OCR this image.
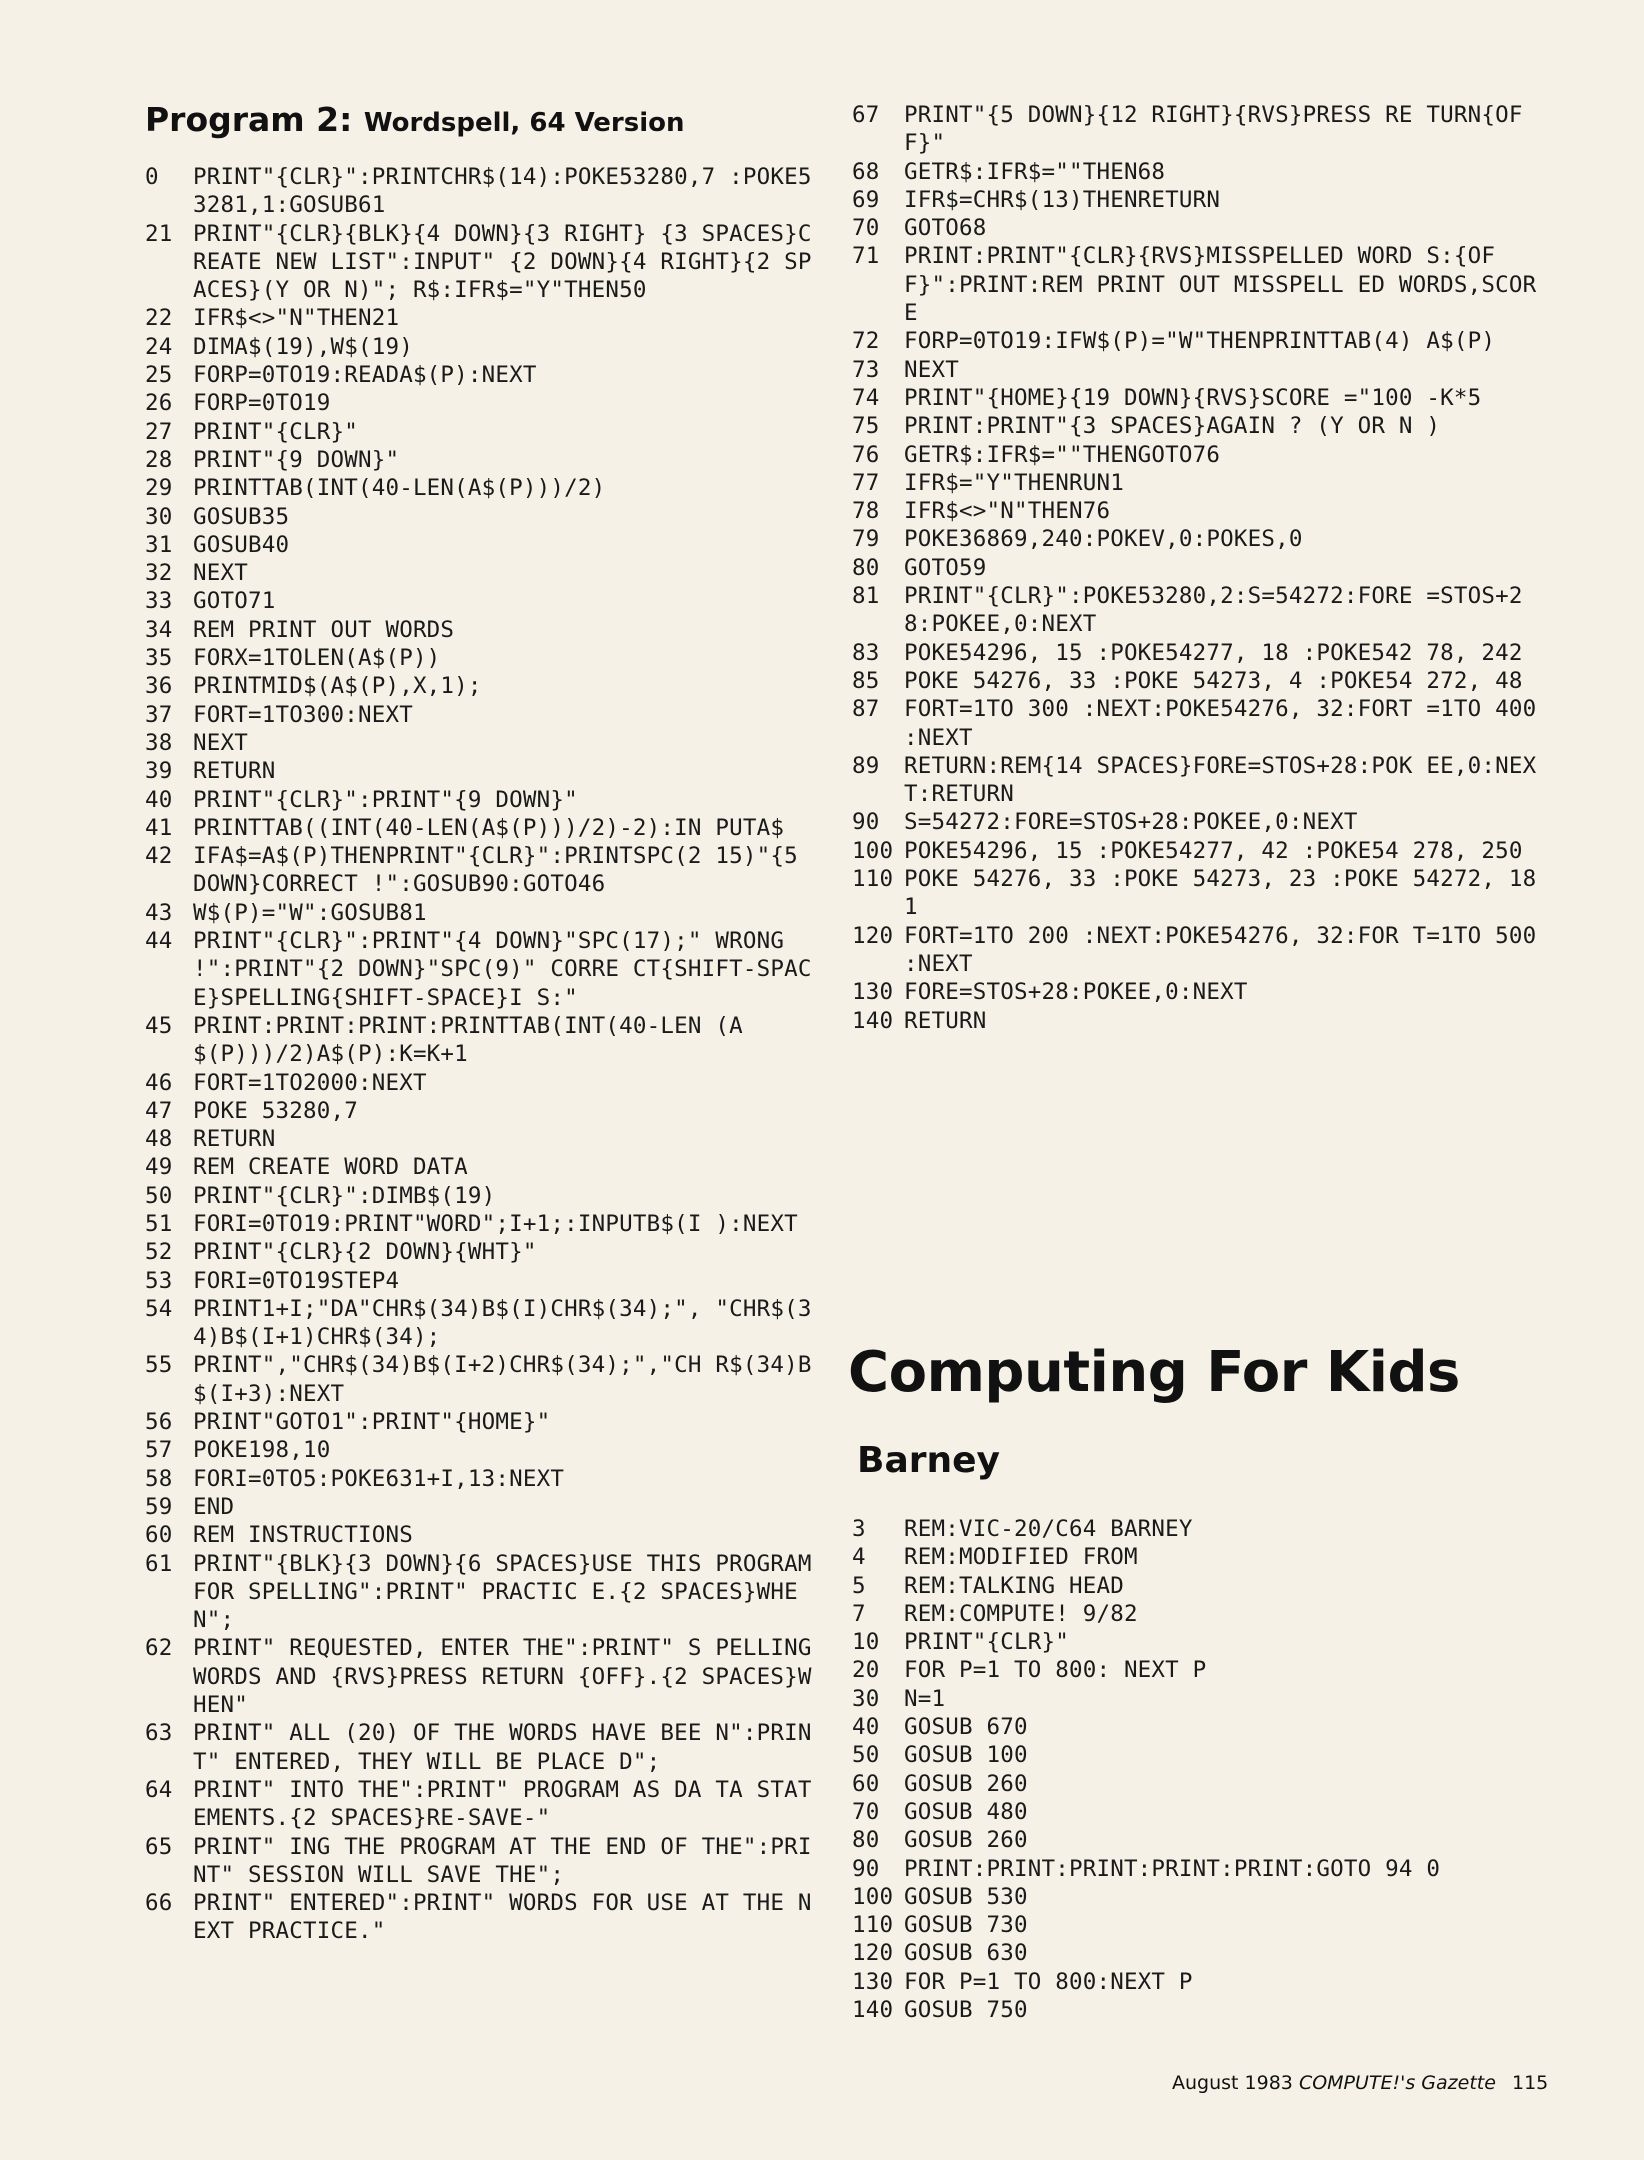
Program 2: Wordspell, 64 Version
0	PRINT"{CLR}":PRINTCHR$(14):POKE53280,7 :POKE53281,1:GOSUB61
21 PRINT"{CLR}{BLK}{4 DOWN}{3 RIGHT} {3 SPACES}CREATE NEW LIST":INPUT" {2 DOWN}{4 RIGHT}{2 SPACES}(Y OR N)"; R$:IFR$="Y"THEN50
22 IFR$<>"N"THEN21
24 DIMA$(19),W$(19)
25 FORP=0TO19:READA$(P):NEXT
26 FORP=0TO19
27 PRINT"{CLR}"
28 PRINT"{9 DOWN}"
29 PRINTTAB(INT(40-LEN(A$(P)))/2)
30 GOSUB35
31 GOSUB40
32 NEXT
33 GOTO71
34 REM PRINT OUT WORDS
35 FORX=1TOLEN(A$(P))
36 PRINTMID$(A$(P),X,1);
37 FORT=1TO300:NEXT
38 NEXT
39 RETURN
40 PRINT"{CLR}":PRINT"{9 DOWN}"
41 PRINTTAB((INT(40-LEN(A$(P)))/2)-2):IN PUTA$
42 IFA$=A$(P)THENPRINT"{CLR}":PRINTSPC(2 15)"{5 DOWN}CORRECT !":GOSUB90:GOTO46
43 W$(P)="W":GOSUB81
44 PRINT"{CLR}":PRINT"{4 DOWN}"SPC(17);" WRONG !":PRINT"{2 DOWN}"SPC(9)" CORRE CT{SHIFT-SPACE}SPELLING{SHIFT-SPACE}I S:"
45 PRINT:PRINT:PRINT:PRINTTAB(INT(40-LEN (A$(P)))/2)A$(P):K=K+1
46 FORT=1TO2000:NEXT
47 POKE 53280,7
48 RETURN
49 REM CREATE WORD DATA
50 PRINT"{CLR}":DIMB$(19)
51 FORI=0TO19:PRINT"WORD";I+1;:INPUTB$(I ):NEXT
52 PRINT"{CLR}{2 DOWN}{WHT}"
53 FORI=0TO19STEP4
54 PRINT1+I;"DA"CHR$(34)B$(I)CHR$(34);", "CHR$(34)B$(I+1)CHR$(34);
55 PRINT","CHR$(34)B$(I+2)CHR$(34);","CH R$(34)B$(I+3):NEXT
56 PRINT"GOTO1":PRINT"{HOME}"
57 POKE198,10
58 FORI=0TO5:POKE631+I,13:NEXT
59 END
60 REM INSTRUCTIONS
61 PRINT"{BLK}{3 DOWN}{6 SPACES}USE THIS PROGRAM FOR SPELLING":PRINT" PRACTIC E.{2 SPACES}WHEN";
62 PRINT" REQUESTED, ENTER THE":PRINT" S PELLING WORDS AND {RVS}PRESS RETURN {OFF}.{2 SPACES}WHEN"
63 PRINT" ALL (20) OF THE WORDS HAVE BEE N":PRINT" ENTERED, THEY WILL BE PLACE D";
64 PRINT" INTO THE":PRINT" PROGRAM AS DA TA STATEMENTS.{2 SPACES}RE-SAVE-"
65 PRINT" ING THE PROGRAM AT THE END OF THE":PRINT" SESSION WILL SAVE THE";
66 PRINT" ENTERED":PRINT" WORDS FOR USE AT THE NEXT PRACTICE."
67	PRINT"{5 DOWN}{12 RIGHT}{RVS}PRESS RE TURN{OFF}"
68	GETR$:IFR$=""THEN68
69	IFR$=CHR$(13)THENRETURN
70	GOTO68
71	PRINT:PRINT"{CLR}{RVS}MISSPELLED WORD S:{OFF}":PRINT:REM PRINT OUT MISSPELL ED WORDS,SCORE
72	FORP=0TO19:IFW$(P)="W"THENPRINTTAB(4) A$(P)
73	NEXT
74	PRINT"{HOME}{19 DOWN}{RVS}SCORE ="100 -K*5
75	PRINT:PRINT"{3 SPACES}AGAIN ? (Y OR N )
76	GETR$:IFR$=""THENGOTO76
77	IFR$="Y"THENRUN1
78	IFR$<>"N"THEN76
79	POKE36869,240:POKEV,0:POKES,0
80	GOTO59
81	PRINT"{CLR}":POKE53280,2:S=54272:FORE =STOS+28:POKEE,0:NEXT
83	POKE54296, 15 :POKE54277, 18 :POKE542 78, 242
85	POKE 54276, 33 :POKE 54273, 4 :POKE54 272, 48
87	FORT=1TO 300 :NEXT:POKE54276, 32:FORT =1TO 400 :NEXT
89	RETURN:REM{14 SPACES}FORE=STOS+28:POK EE,0:NEXT:RETURN
90	S=54272:FORE=STOS+28:POKEE,0:NEXT
100 POKE54296, 15 :POKE54277, 42 :POKE54 278, 250
110 POKE 54276, 33 :POKE 54273, 23 :POKE 54272, 181
120 FORT=1TO 200 :NEXT:POKE54276, 32:FOR T=1TO 500 :NEXT
130 FORE=STOS+28:POKEE,0:NEXT
140 RETURN
Computing For Kids
Barney
3	REM:VIC-20/C64 BARNEY
4	REM:MODIFIED FROM
5	REM:TALKING HEAD
7	REM:COMPUTE! 9/82
10	PRINT"{CLR}"
20	FOR P=1 TO 800: NEXT P
30	N=1
40	GOSUB 670
50	GOSUB 100
60	GOSUB 260
70	GOSUB 480
80	GOSUB 260
90	PRINT:PRINT:PRINT:PRINT:PRINT:GOTO 94 0
100 GOSUB 530
110 GOSUB 730
120 GOSUB 630
130 FOR P=1 TO 800:NEXT P
140 GOSUB 750
August 1983 COMPUTE!'s Gazette 115
